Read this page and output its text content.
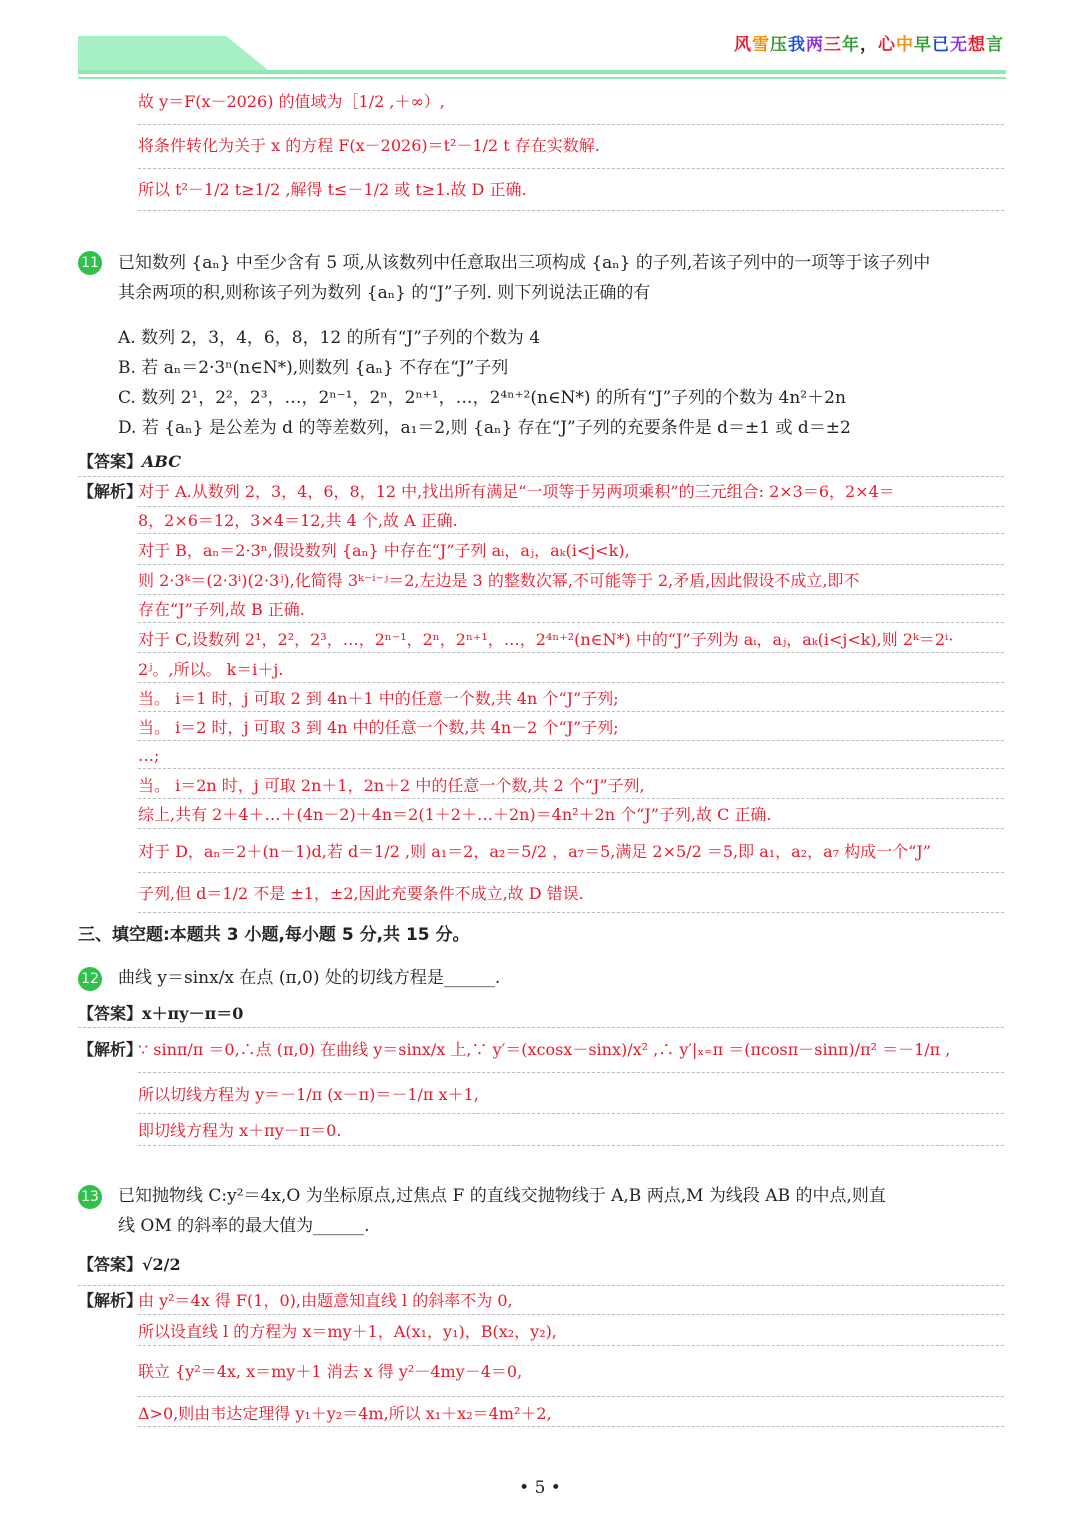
风雪压我两三年，心中早已无想言
故 y＝F(x－2026) 的值域为［1/2 ,＋∞）,
将条件转化为关于 x 的方程 F(x－2026)＝t²－1/2 t 存在实数解.
所以 t²－1/2 t≥1/2 ,解得 t≤－1/2 或 t≥1.故 D 正确.
11 已知数列 {aₙ} 中至少含有 5 项,从该数列中任意取出三项构成 {aₙ} 的子列,若该子列中的一项等于该子列中
其余两项的积,则称该子列为数列 {aₙ} 的“J”子列. 则下列说法正确的有
A. 数列 2，3，4，6，8，12 的所有“J”子列的个数为 4
B. 若 aₙ＝2·3ⁿ(n∈N*),则数列 {aₙ} 不存在“J”子列
C. 数列 2¹，2²，2³，…，2ⁿ⁻¹，2ⁿ，2ⁿ⁺¹，…，2⁴ⁿ⁺²(n∈N*) 的所有“J”子列的个数为 4n²＋2n
D. 若 {aₙ} 是公差为 d 的等差数列，a₁＝2,则 {aₙ} 存在“J”子列的充要条件是 d＝±1 或 d＝±2
【答案】ABC
【解析】
对于 A.从数列 2，3，4，6，8，12 中,找出所有满足“一项等于另两项乘积”的三元组合: 2×3＝6，2×4＝
8，2×6＝12，3×4＝12,共 4 个,故 A 正确.
对于 B，aₙ＝2·3ⁿ,假设数列 {aₙ} 中存在“J”子列 aᵢ，aⱼ，aₖ(i<j<k),
则 2·3ᵏ＝(2·3ⁱ)(2·3ʲ),化简得 3ᵏ⁻ⁱ⁻ʲ＝2,左边是 3 的整数次幂,不可能等于 2,矛盾,因此假设不成立,即不
存在“J”子列,故 B 正确.
对于 C,设数列 2¹，2²，2³，…，2ⁿ⁻¹，2ⁿ，2ⁿ⁺¹，…，2⁴ⁿ⁺²(n∈N*) 中的“J”子列为 aᵢ，aⱼ，aₖ(i<j<k),则 2ᵏ＝2ⁱ·
2ʲ。,所以。 k＝i＋j.
当。 i＝1 时，j 可取 2 到 4n＋1 中的任意一个数,共 4n 个“J”子列;
当。 i＝2 时，j 可取 3 到 4n 中的任意一个数,共 4n－2 个“J”子列;
…;
当。 i＝2n 时，j 可取 2n＋1，2n＋2 中的任意一个数,共 2 个“J”子列,
综上,共有 2＋4＋…＋(4n－2)＋4n＝2(1＋2＋…＋2n)＝4n²＋2n 个“J”子列,故 C 正确.
对于 D，aₙ＝2＋(n－1)d,若 d＝1/2 ,则 a₁＝2，a₂＝5/2 ，a₇＝5,满足 2×5/2 ＝5,即 a₁，a₂，a₇ 构成一个“J”
子列,但 d＝1/2 不是 ±1，±2,因此充要条件不成立,故 D 错误.
三、填空题:本题共 3 小题,每小题 5 分,共 15 分。
12 曲线 y＝sinx/x 在点 (π,0) 处的切线方程是______.
【答案】x＋πy－π＝0
【解析】
∵ sinπ/π ＝0,∴点 (π,0) 在曲线 y＝sinx/x 上,∵ y′＝(xcosx－sinx)/x² ,∴ y′|ₓ₌π ＝(πcosπ－sinπ)/π² ＝－1/π ,
所以切线方程为 y＝－1/π (x－π)＝－1/π x＋1,
即切线方程为 x＋πy－π＝0.
13 已知抛物线 C:y²＝4x,O 为坐标原点,过焦点 F 的直线交抛物线于 A,B 两点,M 为线段 AB 的中点,则直
线 OM 的斜率的最大值为______.
【答案】√2/2
【解析】
由 y²＝4x 得 F(1，0),由题意知直线 l 的斜率不为 0,
所以设直线 l 的方程为 x＝my＋1，A(x₁，y₁)，B(x₂，y₂),
联立 {y²＝4x, x＝my＋1 消去 x 得 y²－4my－4＝0,
Δ>0,则由韦达定理得 y₁＋y₂＝4m,所以 x₁＋x₂＝4m²＋2,
• 5 •
